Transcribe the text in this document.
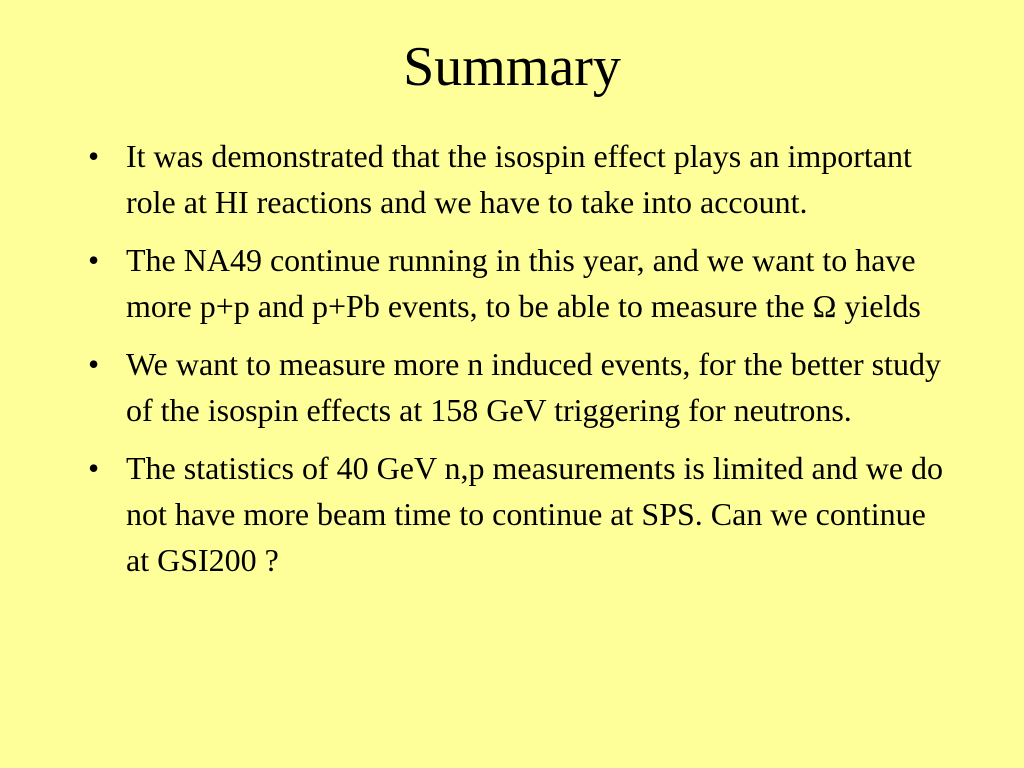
Summary
• It was demonstrated that the isospin effect plays an important role at HI reactions and we have to take into account.
• The NA49 continue running in this year, and we want to have more p+p and p+Pb events, to be able to measure the Ω yields
• We want to measure more n induced events, for the better study of the isospin effects at 158 GeV triggering for neutrons.
• The statistics of 40 GeV n,p measurements is limited and we do not have more beam time to continue at SPS. Can we continue at GSI200 ?
